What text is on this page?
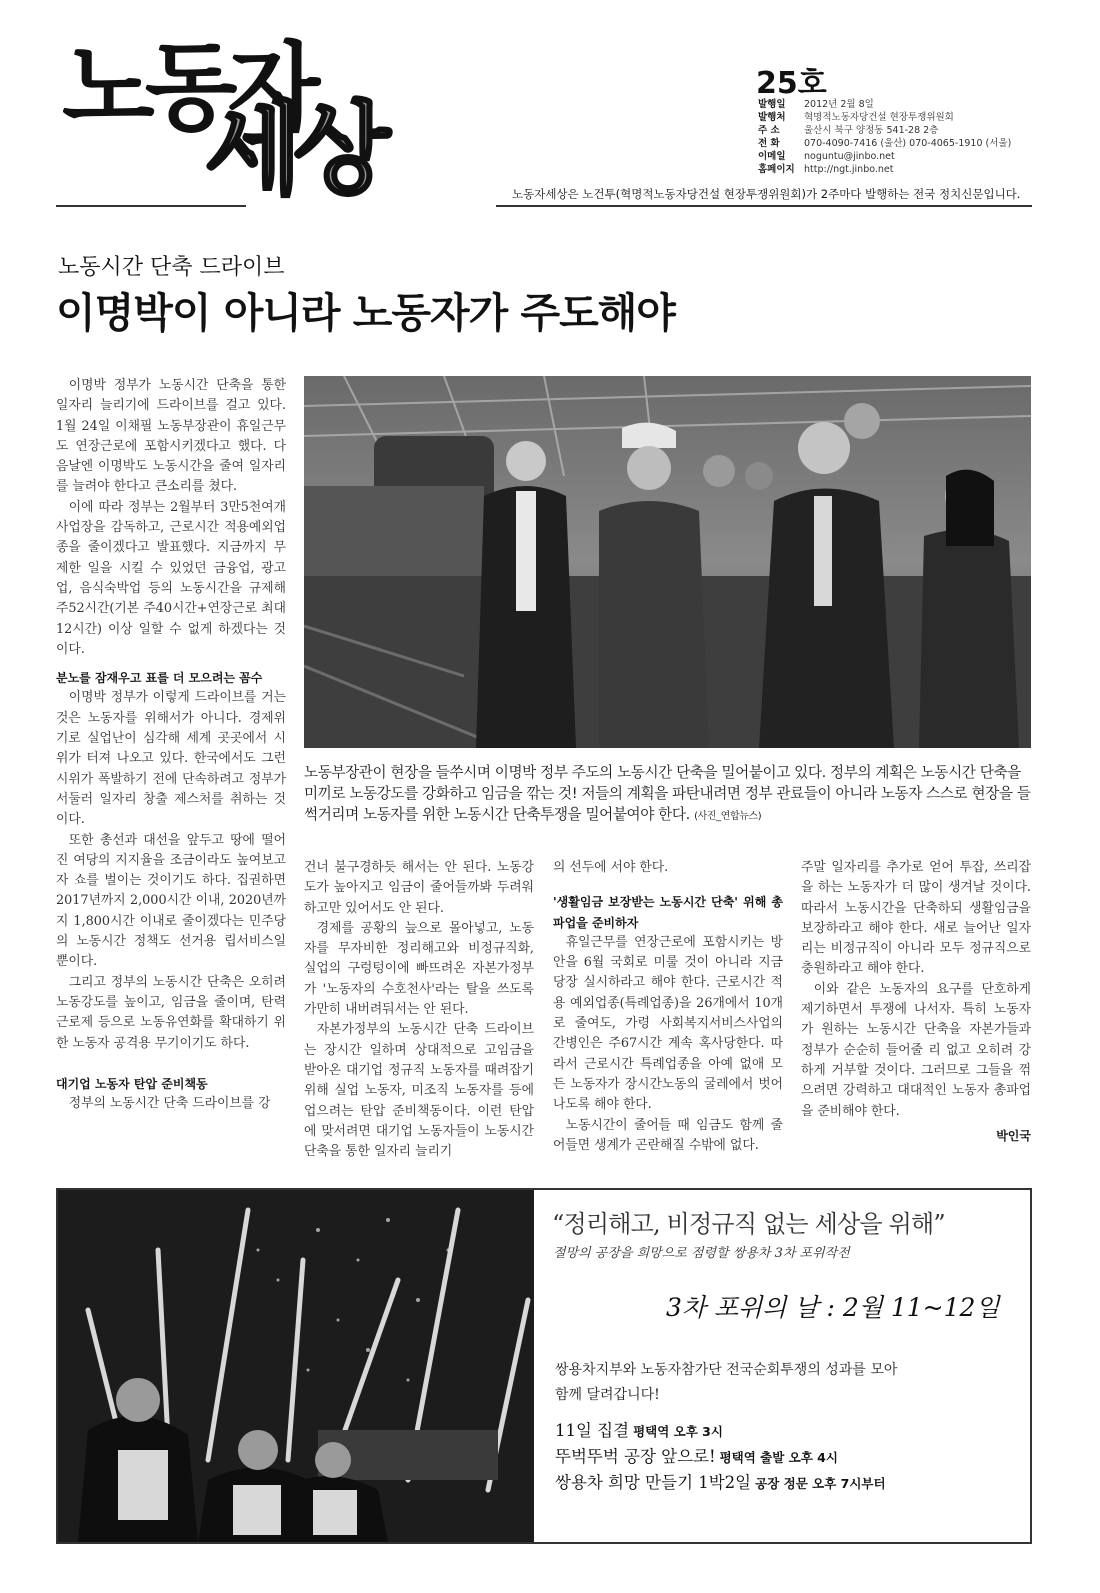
노동자
세상
25호
발행일	2012년 2월 8일
발행처	혁명적노동자당건설 현장투쟁위원회
주 소	울산시 북구 양정동 541-28 2층
전 화	070-4090-7416 (울산) 070-4065-1910 (서울)
이메일	noguntu@jinbo.net
홈페이지 http://ngt.jinbo.net
노동자세상은 노건투(혁명적노동자당건설 현장투쟁위원회)가 2주마다 발행하는 전국 정치신문입니다.
노동시간 단축 드라이브
이명박이 아니라 노동자가 주도해야

이명박 정부가 노동시간 단축을 통한 일자리 늘리기에 드라이브를 걸고 있다. 1월 24일 이채필 노동부장관이 휴일근무도 연장근로에 포함시키겠다고 했다. 다음날엔 이명박도 노동시간을 줄여 일자리를 늘려야 한다고 큰소리를 쳤다.

이에 따라 정부는 2월부터 3만5천여개 사업장을 감독하고, 근로시간 적용예외업종을 줄이겠다고 발표했다. 지금까지 무제한 일을 시킬 수 있었던 금융업, 광고업, 음식숙박업 등의 노동시간을 규제해 주52시간(기본 주40시간+연장근로 최대 12시간) 이상 일할 수 없게 하겠다는 것이다.

분노를 잠재우고 표를 더 모으려는 꼼수

이명박 정부가 이렇게 드라이브를 거는 것은 노동자를 위해서가 아니다. 경제위기로 실업난이 심각해 세계 곳곳에서 시위가 터져 나오고 있다. 한국에서도 그런 시위가 폭발하기 전에 단속하려고 정부가 서둘러 일자리 창출 제스처를 취하는 것이다.

또한 총선과 대선을 앞두고 땅에 떨어진 여당의 지지율을 조금이라도 높여보고자 쇼를 벌이는 것이기도 하다. 집권하면 2017년까지 2,000시간 이내, 2020년까지 1,800시간 이내로 줄이겠다는 민주당의 노동시간 정책도 선거용 립서비스일 뿐이다.

그리고 정부의 노동시간 단축은 오히려 노동강도를 높이고, 임금을 줄이며, 탄력근로제 등으로 노동유연화를 확대하기 위한 노동자 공격용 무기이기도 하다.

대기업 노동자 탄압 준비책동

정부의 노동시간 단축 드라이브를 강

노동부장관이 현장을 들쑤시며 이명박 정부 주도의 노동시간 단축을 밀어붙이고 있다. 정부의 계획은 노동시간 단축을 미끼로 노동강도를 강화하고 임금을 깎는 것! 저들의 계획을 파탄내려면 정부 관료들이 아니라 노동자 스스로 현장을 들썩거리며 노동자를 위한 노동시간 단축투쟁을 밀어붙여야 한다. (사진_연합뉴스)

건너 불구경하듯 해서는 안 된다. 노동강도가 높아지고 임금이 줄어들까봐 두려워하고만 있어서도 안 된다.

경제를 공황의 늪으로 몰아넣고, 노동자를 무자비한 정리해고와 비정규직화, 실업의 구렁텅이에 빠뜨려온 자본가정부가 '노동자의 수호천사'라는 탈을 쓰도록 가만히 내버려둬서는 안 된다.

자본가정부의 노동시간 단축 드라이브는 장시간 일하며 상대적으로 고임금을 받아온 대기업 정규직 노동자를 때려잡기 위해 실업 노동자, 미조직 노동자를 등에 업으려는 탄압 준비책동이다. 이런 탄압에 맞서려면 대기업 노동자들이 노동시간 단축을 통한 일자리 늘리기

의 선두에 서야 한다.

'생활임금 보장받는 노동시간 단축' 위해 총파업을 준비하자

휴일근무를 연장근로에 포함시키는 방안을 6월 국회로 미룰 것이 아니라 지금 당장 실시하라고 해야 한다. 근로시간 적용 예외업종(특례업종)을 26개에서 10개로 줄여도, 가령 사회복지서비스사업의 간병인은 주67시간 계속 혹사당한다. 따라서 근로시간 특례업종을 아예 없애 모든 노동자가 장시간노동의 굴레에서 벗어나도록 해야 한다.

노동시간이 줄어들 때 임금도 함께 줄어들면 생계가 곤란해질 수밖에 없다.

주말 일자리를 추가로 얻어 투잡, 쓰리잡을 하는 노동자가 더 많이 생겨날 것이다. 따라서 노동시간을 단축하되 생활임금을 보장하라고 해야 한다. 새로 늘어난 일자리는 비정규직이 아니라 모두 정규직으로 충원하라고 해야 한다.

이와 같은 노동자의 요구를 단호하게 제기하면서 투쟁에 나서자. 특히 노동자가 원하는 노동시간 단축을 자본가들과 정부가 순순히 들어줄 리 없고 오히려 강하게 거부할 것이다. 그러므로 그들을 꺾으려면 강력하고 대대적인 노동자 총파업을 준비해야 한다.

박인국
“정리해고, 비정규직 없는 세상을 위해”
절망의 공장을 희망으로 점령할 쌍용차 3차 포위작전
3차 포위의 날 : 2월 11~12일
쌍용차지부와 노동자참가단 전국순회투쟁의 성과를 모아
함께 달려갑니다!
11일 집결 평택역 오후 3시
뚜벅뚜벅 공장 앞으로! 평택역 출발 오후 4시
쌍용차 희망 만들기 1박2일 공장 정문 오후 7시부터
